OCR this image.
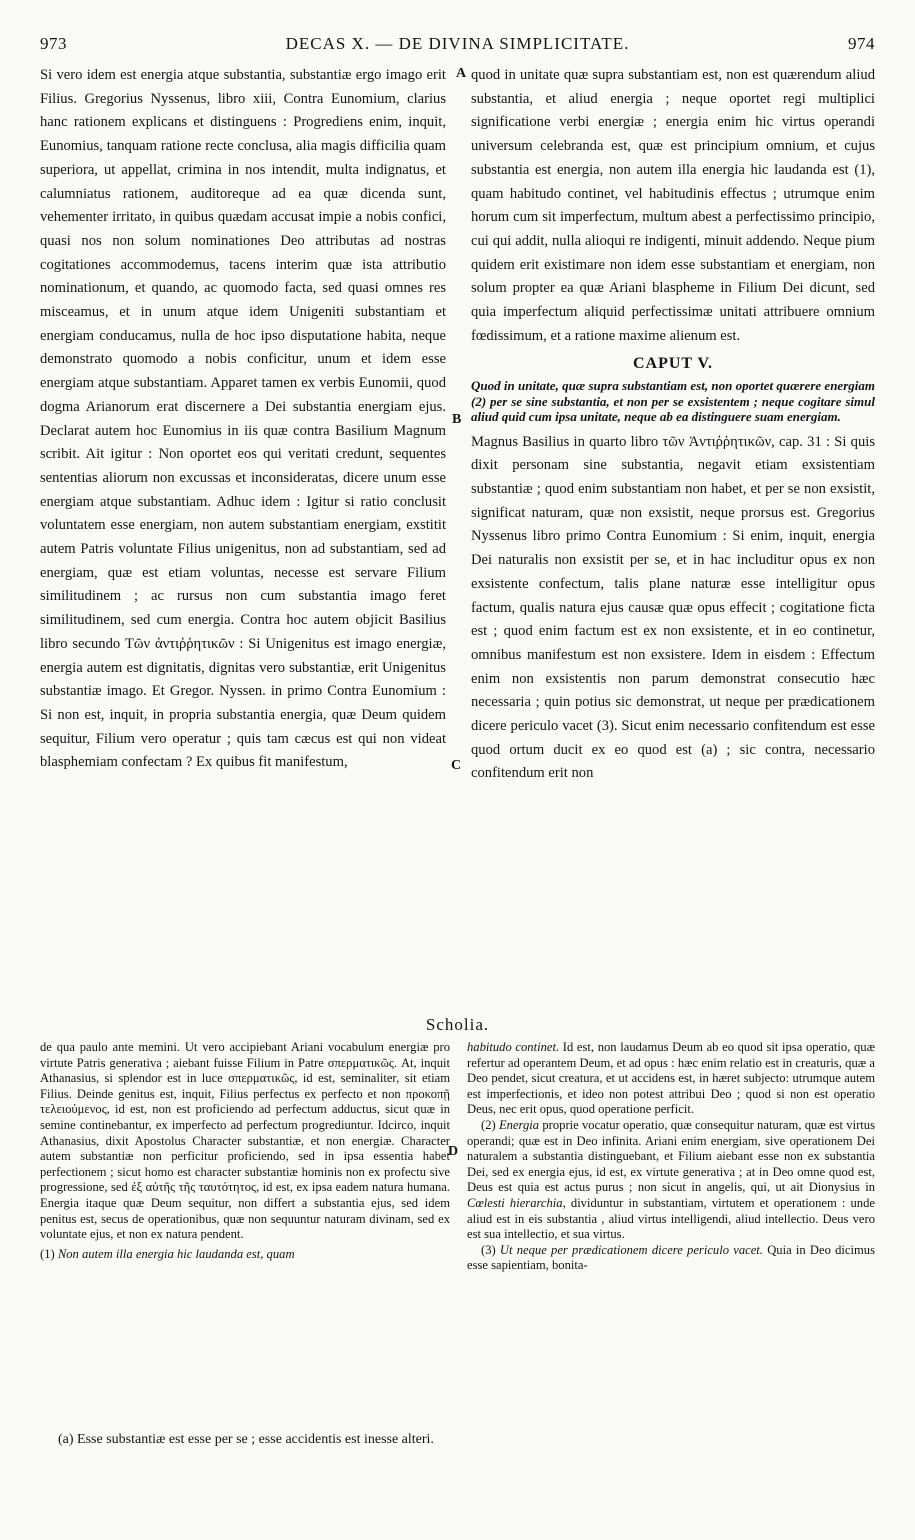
973	DECAS X. — DE DIVINA SIMPLICITATE.	974
A
B
C
D

Si vero idem est energia atque substantia, substantiæ ergo imago erit Filius. Gregorius Nyssenus, libro xiii, Contra Eunomium, clarius hanc rationem explicans et distinguens : Progrediens enim, inquit, Eunomius, tanquam ratione recte conclusa, alia magis difficilia quam superiora, ut appellat, crimina in nos intendit, multa indignatus, et calumniatus rationem, auditoreque ad ea quæ dicenda sunt, vehementer irritato, in quibus quædam accusat impie a nobis confici, quasi nos non solum nominationes Deo attributas ad nostras cogitationes accommodemus, tacens interim quæ ista attributio nominationum, et quando, ac quomodo facta, sed quasi omnes res misceamus, et in unum atque idem Unigeniti substantiam et energiam conducamus, nulla de hoc ipso disputatione habita, neque demonstrato quomodo a nobis conficitur, unum et idem esse energiam atque substantiam. Apparet tamen ex verbis Eunomii, quod dogma Arianorum erat discernere a Dei substantia energiam ejus. Declarat autem hoc Eunomius in iis quæ contra Basilium Magnum scribit. Ait igitur : Non oportet eos qui veritati credunt, sequentes sententias aliorum non excussas et inconsideratas, dicere unum esse energiam atque substantiam. Adhuc idem : Igitur si ratio conclusit voluntatem esse energiam, non autem substantiam energiam, exstitit autem Patris voluntate Filius unigenitus, non ad substantiam, sed ad energiam, quæ est etiam voluntas, necesse est servare Filium similitudinem ; ac rursus non cum substantia imago feret similitudinem, sed cum energia. Contra hoc autem objicit Basilius libro secundo Τῶν ἀντιῤῥητικῶν : Si Unigenitus est imago energiæ, energia autem est dignitatis, dignitas vero substantiæ, erit Unigenitus substantiæ imago. Et Gregor. Nyssen. in primo Contra Eunomium : Si non est, inquit, in propria substantia energia, quæ Deum quidem sequitur, Filium vero operatur ; quis tam cæcus est qui non videat blasphemiam confectam ? Ex quibus fit manifestum,

quod in unitate quæ supra substantiam est, non est quærendum aliud substantia, et aliud energia ; neque oportet regi multiplici significatione verbi energiæ ; energia enim hic virtus operandi universum celebranda est, quæ est principium omnium, et cujus substantia est energia, non autem illa energia hic laudanda est (1), quam habitudo continet, vel habitudinis effectus ; utrumque enim horum cum sit imperfectum, multum abest a perfectissimo principio, cui qui addit, nulla alioqui re indigenti, minuit addendo. Neque pium quidem erit existimare non idem esse substantiam et energiam, non solum propter ea quæ Ariani blaspheme in Filium Dei dicunt, sed quia imperfectum aliquid perfectissimæ unitati attribuere omnium fœdissimum, et a ratione maxime alienum est.

CAPUT V.

Quod in unitate, quæ supra substantiam est, non oportet quærere energiam (2) per se sine substantia, et non per se exsistentem ; neque cogitare simul aliud quid cum ipsa unitate, neque ab ea distinguere suam energiam.

Magnus Basilius in quarto libro τῶν Ἀντιῤῥητικῶν, cap. 31 : Si quis dixit personam sine substantia, negavit etiam exsistentiam substantiæ ; quod enim substantiam non habet, et per se non exsistit, significat naturam, quæ non exsistit, neque prorsus est. Gregorius Nyssenus libro primo Contra Eunomium : Si enim, inquit, energia Dei naturalis non exsistit per se, et in hac includitur opus ex non exsistente confectum, talis plane naturæ esse intelligitur opus factum, qualis natura ejus causæ quæ opus effecit ; cogitatione ficta est ; quod enim factum est ex non exsistente, et in eo continetur, omnibus manifestum est non exsistere. Idem in eisdem : Effectum enim non exsistentis non parum demonstrat consecutio hæc necessaria ; quin potius sic demonstrat, ut neque per prædicationem dicere periculo vacet (3). Sicut enim necessario confitendum est esse quod ortum ducit ex eo quod est (a) ; sic contra, necessario confitendum erit non

Scholia.

de qua paulo ante memini. Ut vero accipiebant Ariani vocabulum energiæ pro virtute Patris generativa ; aiebant fuisse Filium in Patre σπερματικῶς. At, inquit Athanasius, si splendor est in luce σπερματικῶς, id est, seminaliter, sit etiam Filius. Deinde genitus est, inquit, Filius perfectus ex perfecto et non προκοπῇ τελειούμενος, id est, non est proficiendo ad perfectum adductus, sicut quæ in semine continebantur, ex imperfecto ad perfectum progrediuntur. Idcirco, inquit Athanasius, dixit Apostolus Character substantiæ, et non energiæ. Character autem substantiæ non perficitur proficiendo, sed in ipsa essentia habet perfectionem ; sicut homo est character substantiæ hominis non ex profectu sive progressione, sed ἐξ αὐτῆς τῆς ταυτότητος, id est, ex ipsa eadem natura humana. Energia itaque quæ Deum sequitur, non differt a substantia ejus, sed idem penitus est, secus de operationibus, quæ non sequuntur naturam divinam, sed ex voluntate ejus, et non ex natura pendent.

(1) Non autem illa energia hic laudanda est, quam

habitudo continet. Id est, non laudamus Deum ab eo quod sit ipsa operatio, quæ refertur ad operantem Deum, et ad opus : hæc enim relatio est in creaturis, quæ a Deo pendet, sicut creatura, et ut accidens est, in hæret subjecto: utrumque autem est imperfectionis, et ideo non potest attribui Deo ; quod si non est operatio Deus, nec erit opus, quod operatione perficit.

(2) Energia proprie vocatur operatio, quæ consequitur naturam, quæ est virtus operandi; quæ est in Deo infinita. Ariani enim energiam, sive operationem Dei naturalem a substantia distinguebant, et Filium aiebant esse non ex substantia Dei, sed ex energia ejus, id est, ex virtute generativa ; at in Deo omne quod est, Deus est quia est actus purus ; non sicut in angelis, qui, ut ait Dionysius in Cœlesti hierarchia, dividuntur in substantiam, virtutem et operationem : unde aliud est in eis substantia , aliud virtus intelligendi, aliud intellectio. Deus vero est sua intellectio, et sua virtus.

(3) Ut neque per prædicationem dicere periculo vacet. Quia in Deo dicimus esse sapientiam, bonita-

(a) Esse substantiæ est esse per se ; esse accidentis est inesse alteri.
